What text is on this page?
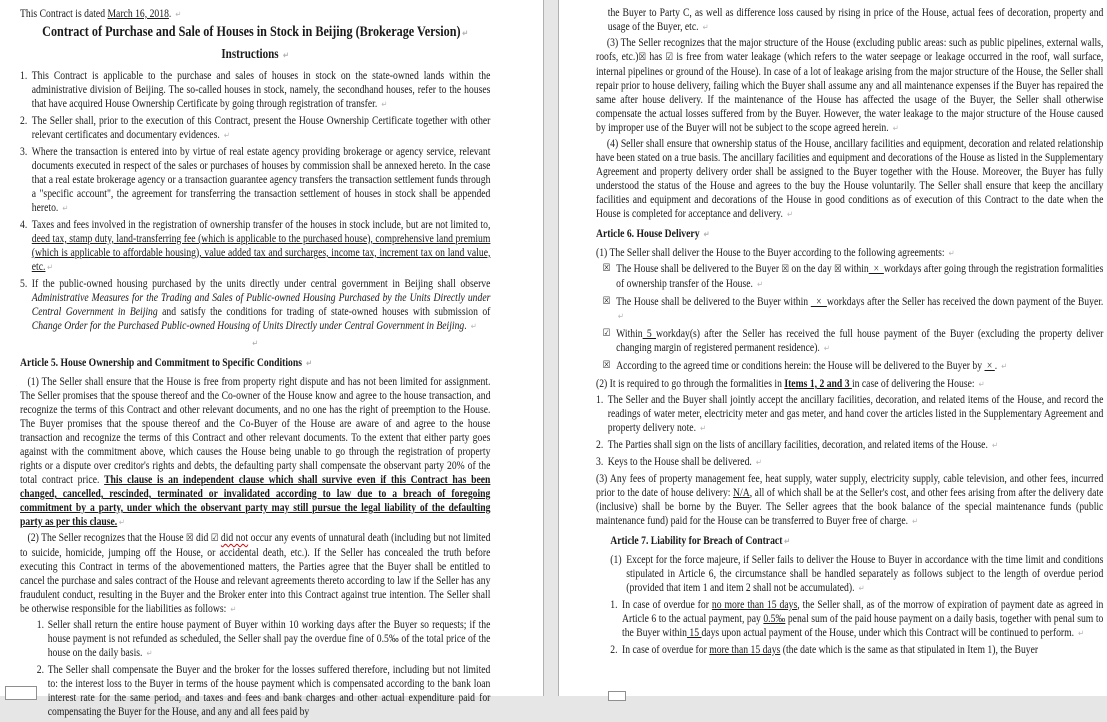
This Contract is dated March 16, 2018. ↵
Contract of Purchase and Sale of Houses in Stock in Beijing (Brokerage Version) ↵
Instructions ↵
1. This Contract is applicable to the purchase and sales of houses in stock on the state-owned lands within the administrative division of Beijing. The so-called houses in stock, namely, the secondhand houses, refer to the houses that have acquired House Ownership Certificate by going through registration of transfer. ↵
2. The Seller shall, prior to the execution of this Contract, present the House Ownership Certificate together with other relevant certificates and documentary evidences. ↵
3. Where the transaction is entered into by virtue of real estate agency providing brokerage or agency service, relevant documents executed in respect of the sales or purchases of houses by commission shall be annexed hereto. In the case that a real estate brokerage agency or a transaction guarantee agency transfers the transaction settlement funds through a "specific account", the agreement for transferring the transaction settlement of houses in stock shall be appended hereto. ↵
4. Taxes and fees involved in the registration of ownership transfer of the houses in stock include, but are not limited to, deed tax, stamp duty, land-transferring fee (which is applicable to the purchased house), comprehensive land premium (which is applicable to affordable housing), value added tax and surcharges, income tax, increment tax on land value, etc. ↵
5. If the public-owned housing purchased by the units directly under central government in Beijing shall observe Administrative Measures for the Trading and Sales of Public-owned Housing Purchased by the Units Directly under Central Government in Beijing and satisfy the conditions for trading of state-owned houses with submission of Change Order for the Purchased Public-owned Housing of Units Directly under Central Government in Beijing. ↵
↵
Article 5. House Ownership and Commitment to Specific Conditions ↵
(1) The Seller shall ensure that the House is free from property right dispute and has not been limited for assignment. The Seller promises that the spouse thereof and the Co-owner of the House know and agree to the house transaction, and recognize the terms of this Contract and other relevant documents, and no one has the right of preemption to the House. The Buyer promises that the spouse thereof and the Co-Buyer of the House are aware of and agree to the house transaction and recognize the terms of this Contract and other relevant documents. To the extent that either party goes against with the commitment above, which causes the House being unable to go through the registration of property rights or a dispute over creditor's rights and debts, the defaulting party shall compensate the observant party 20% of the total contract price. This clause is an independent clause which shall survive even if this Contract has been changed, cancelled, rescinded, terminated or invalidated according to law due to a breach of foregoing commitment by a party, under which the observant party may still pursue the legal liability of the defaulting party as per this clause. ↵
(2) The Seller recognizes that the House ☒ did ☑ did not occur any events of unnatural death (including but not limited to suicide, homicide, jumping off the House, or accidental death, etc.). If the Seller has concealed the truth before executing this Contract in terms of the abovementioned matters, the Parties agree that the Buyer shall be entitled to cancel the purchase and sales contract of the House and relevant agreements thereto according to law if the Seller has any fraudulent conduct, resulting in the Buyer and the Broker enter into this Contract against true intention. The Seller shall be otherwise responsible for the liabilities as follows: ↵
1. Seller shall return the entire house payment of Buyer within 10 working days after the Buyer so requests; if the house payment is not refunded as scheduled, the Seller shall pay the overdue fine of 0.5‰ of the total price of the house on the daily basis. ↵
2. The Seller shall compensate the Buyer and the broker for the losses suffered therefore, including but not limited to: the interest loss to the Buyer in terms of the house payment which is compensated according to the bank loan interest rate for the same period, and taxes and fees and bank charges and other actual expenditure paid for compensating the Buyer for the House, and any and all fees paid by
the Buyer to Party C, as well as difference loss caused by rising in price of the House, actual fees of decoration, property and usage of the Buyer, etc. ↵
(3) The Seller recognizes that the major structure of the House (excluding public areas: such as public pipelines, external walls, roofs, etc.)☒ has ☑ is free from water leakage (which refers to the water seepage or leakage occurred in the roof, wall surface, internal pipelines or ground of the House). In case of a lot of leakage arising from the major structure of the House, the Seller shall repair prior to house delivery, failing which the Buyer shall assume any and all maintenance expenses if the Buyer has repaired the same after house delivery. If the maintenance of the House has affected the usage of the Buyer, the Seller shall otherwise compensate the actual losses suffered from by the Buyer. However, the water leakage to the major structure of the House caused by improper use of the Buyer will not be subject to the scope agreed herein. ↵
(4) Seller shall ensure that ownership status of the House, ancillary facilities and equipment, decoration and related relationship have been stated on a true basis. The ancillary facilities and equipment and decorations of the House as listed in the Supplementary Agreement and property delivery order shall be assigned to the Buyer together with the House. Moreover, the Buyer has fully understood the status of the House and agrees to the buy the House voluntarily. The Seller shall ensure that keep the ancillary facilities and equipment and decorations of the House in good conditions as of execution of this Contract to the date when the House is completed for acceptance and delivery. ↵
Article 6. House Delivery ↵
(1) The Seller shall deliver the House to the Buyer according to the following agreements: ↵
☒ The House shall be delivered to the Buyer ☒ on the day ☒ within  ×  workdays after going through the registration formalities of ownership transfer of the House. ↵
☒ The House shall be delivered to the Buyer within   ×  workdays after the Seller has received the down payment of the Buyer. ↵
☑ Within 5 workday(s) after the Seller has received the full house payment of the Buyer (excluding the property deliver changing margin of registered permanent residence). ↵
☒ According to the agreed time or conditions herein: the House will be delivered to the Buyer by  × . ↵
(2) It is required to go through the formalities in Items 1, 2 and 3 in case of delivering the House: ↵
1. The Seller and the Buyer shall jointly accept the ancillary facilities, decoration, and related items of the House, and record the readings of water meter, electricity meter and gas meter, and hand cover the articles listed in the Supplementary Agreement and property delivery note. ↵
2. The Parties shall sign on the lists of ancillary facilities, decoration, and related items of the House. ↵
3. Keys to the House shall be delivered. ↵
(3) Any fees of property management fee, heat supply, water supply, electricity supply, cable television, and other fees, incurred prior to the date of house delivery: N/A, all of which shall be at the Seller's cost, and other fees arising from after the delivery date (inclusive) shall be borne by the Buyer. The Seller agrees that the book balance of the special maintenance funds (public maintenance fund) paid for the House can be transferred to Buyer free of charge. ↵
Article 7. Liability for Breach of Contract ↵
(1) Except for the force majeure, if Seller fails to deliver the House to Buyer in accordance with the time limit and conditions stipulated in Article 6, the circumstance shall be handled separately as follows subject to the length of overdue period (provided that item 1 and item 2 shall not be accumulated). ↵
1. In case of overdue for no more than 15 days, the Seller shall, as of the morrow of expiration of payment date as agreed in Article 6 to the actual payment, pay 0.5‰ penal sum of the paid house payment on a daily basis, together with penal sum to the Buyer within 15 days upon actual payment of the House, under which this Contract will be continued to perform. ↵
2. In case of overdue for more than 15 days (the date which is the same as that stipulated in Item 1), the Buyer
